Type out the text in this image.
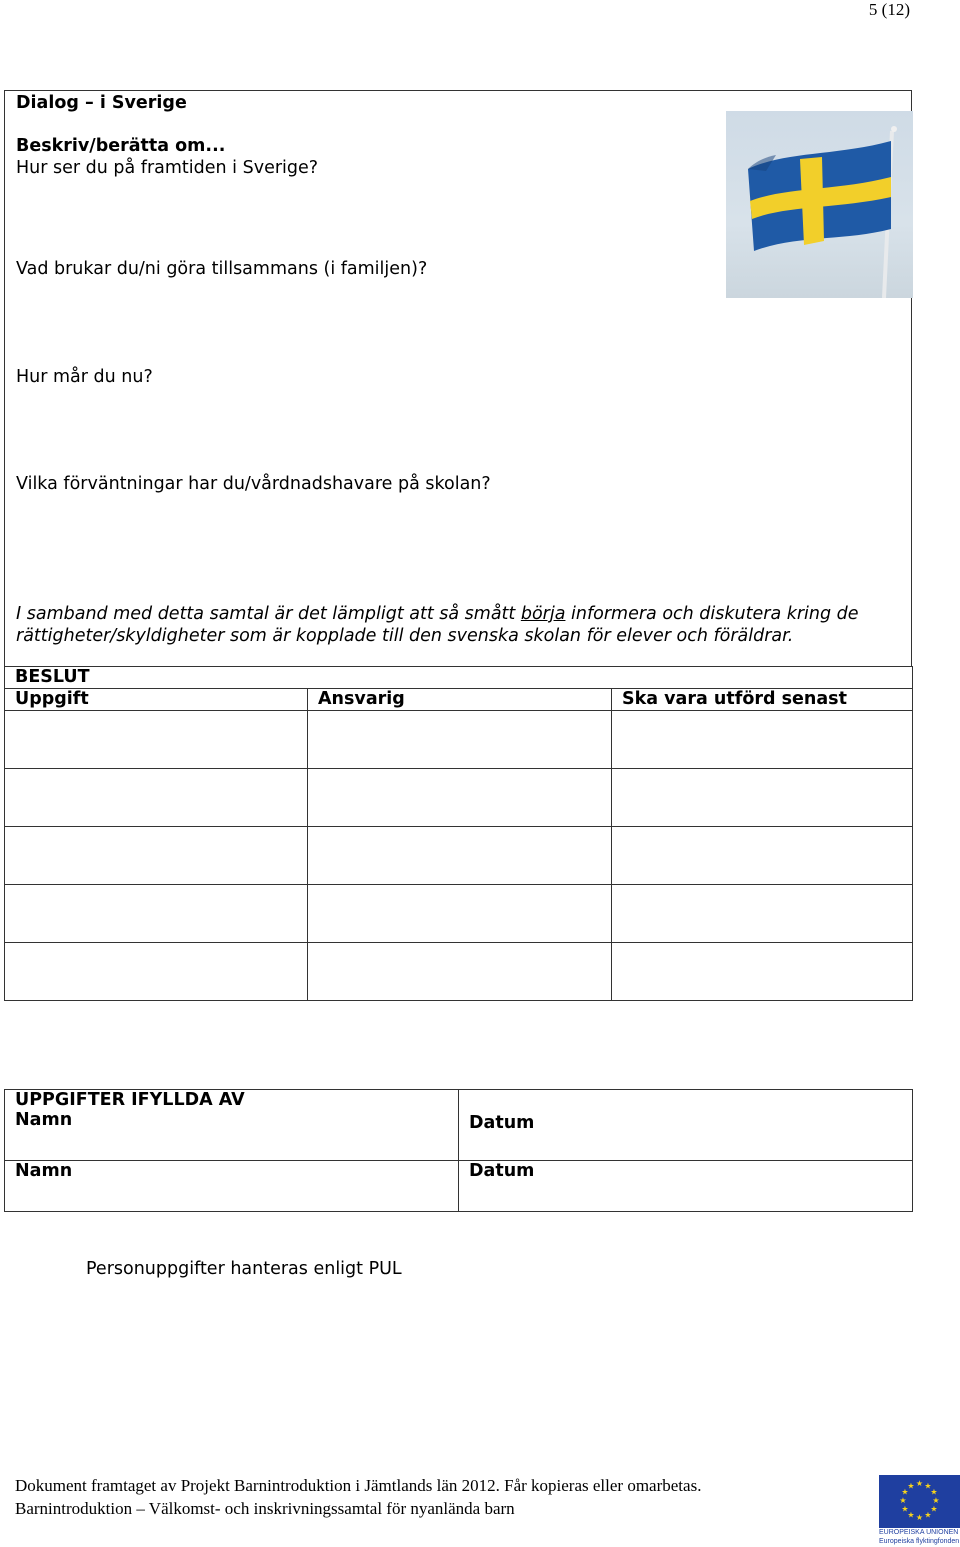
5 (12)
Dialog – i Sverige
Beskriv/berätta om...
Hur ser du på framtiden i Sverige?
Vad brukar du/ni göra tillsammans (i familjen)?
Hur mår du nu?
Vilka förväntningar har du/vårdnadshavare på skolan?
I samband med detta samtal är det lämpligt att så smått börja informera och diskutera kring de
rättigheter/skyldigheter som är kopplade till den svenska skolan för elever och föräldrar.
BESLUT		
Uppgift	Ansvarig	Ska vara utförd senast

UPPGIFTER IFYLLDA AV
Namn	Datum

Namn	Datum
Personuppgifter hanteras enligt PUL
Dokument framtaget av Projekt Barnintroduktion i Jämtlands län 2012. Får kopieras eller omarbetas.
Barnintroduktion – Välkomst- och inskrivningssamtal för nyanlända barn
★ ★
★
★
★
★
★
★
★
★
★
★
EUROPEISKA UNIONEN
Europeiska flyktingfonden
